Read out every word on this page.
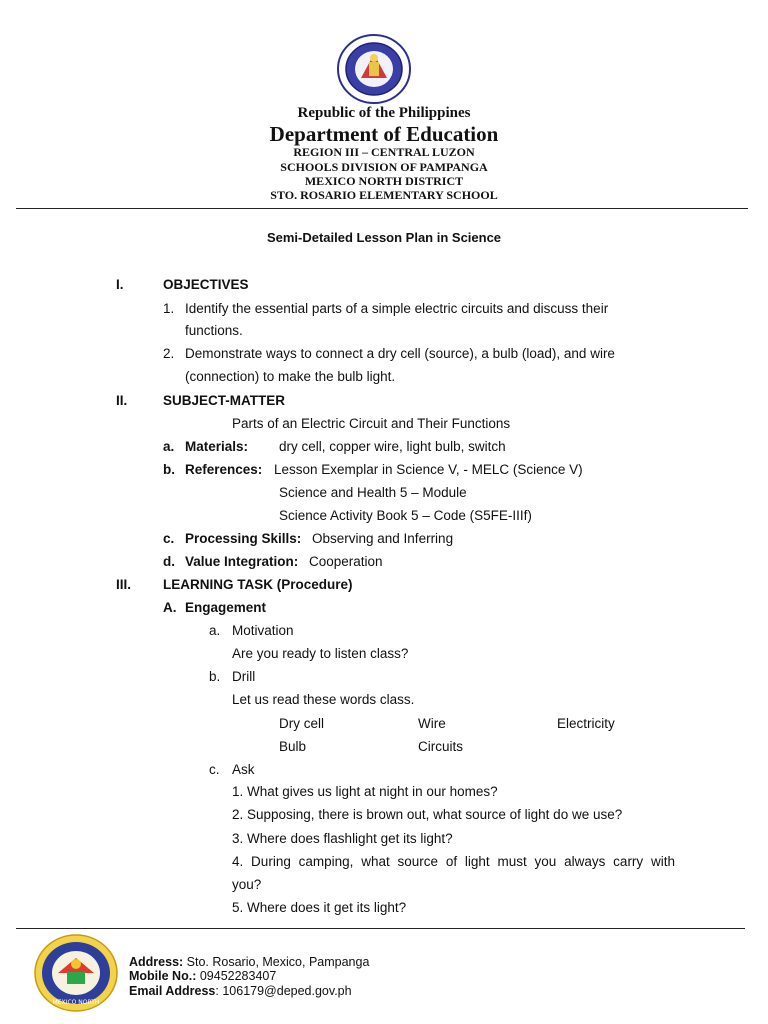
Republic of the Philippines
Department of Education
REGION III – CENTRAL LUZON
SCHOOLS DIVISION OF PAMPANGA
MEXICO NORTH DISTRICT
STO. ROSARIO ELEMENTARY SCHOOL
Semi-Detailed Lesson Plan in Science
I.	OBJECTIVES
1. Identify the essential parts of a simple electric circuits and discuss their
functions.
2. Demonstrate ways to connect a dry cell (source), a bulb (load), and wire
(connection) to make the bulb light.
II.	SUBJECT-MATTER
Parts of an Electric Circuit and Their Functions
a. Materials: dry cell, copper wire, light bulb, switch
b. References: Lesson Exemplar in Science V, - MELC (Science V)
Science and Health 5 – Module
Science Activity Book 5 – Code (S5FE-IIIf)
c. Processing Skills: Observing and Inferring
d. Value Integration: Cooperation
III. LEARNING TASK (Procedure)
A. Engagement
a. Motivation
Are you ready to listen class?
b. Drill
Let us read these words class.
Dry cell	Wire	Electricity
Bulb	Circuits
c. Ask
1. What gives us light at night in our homes?
2. Supposing, there is brown out, what source of light do we use?
3. Where does flashlight get its light?
4. During camping, what source of light must you always carry with
you?
5. Where does it get its light?
MEXICO NORTH
Address: Sto. Rosario, Mexico, Pampanga
Mobile No.: 09452283407
Email Address: 106179@deped.gov.ph
